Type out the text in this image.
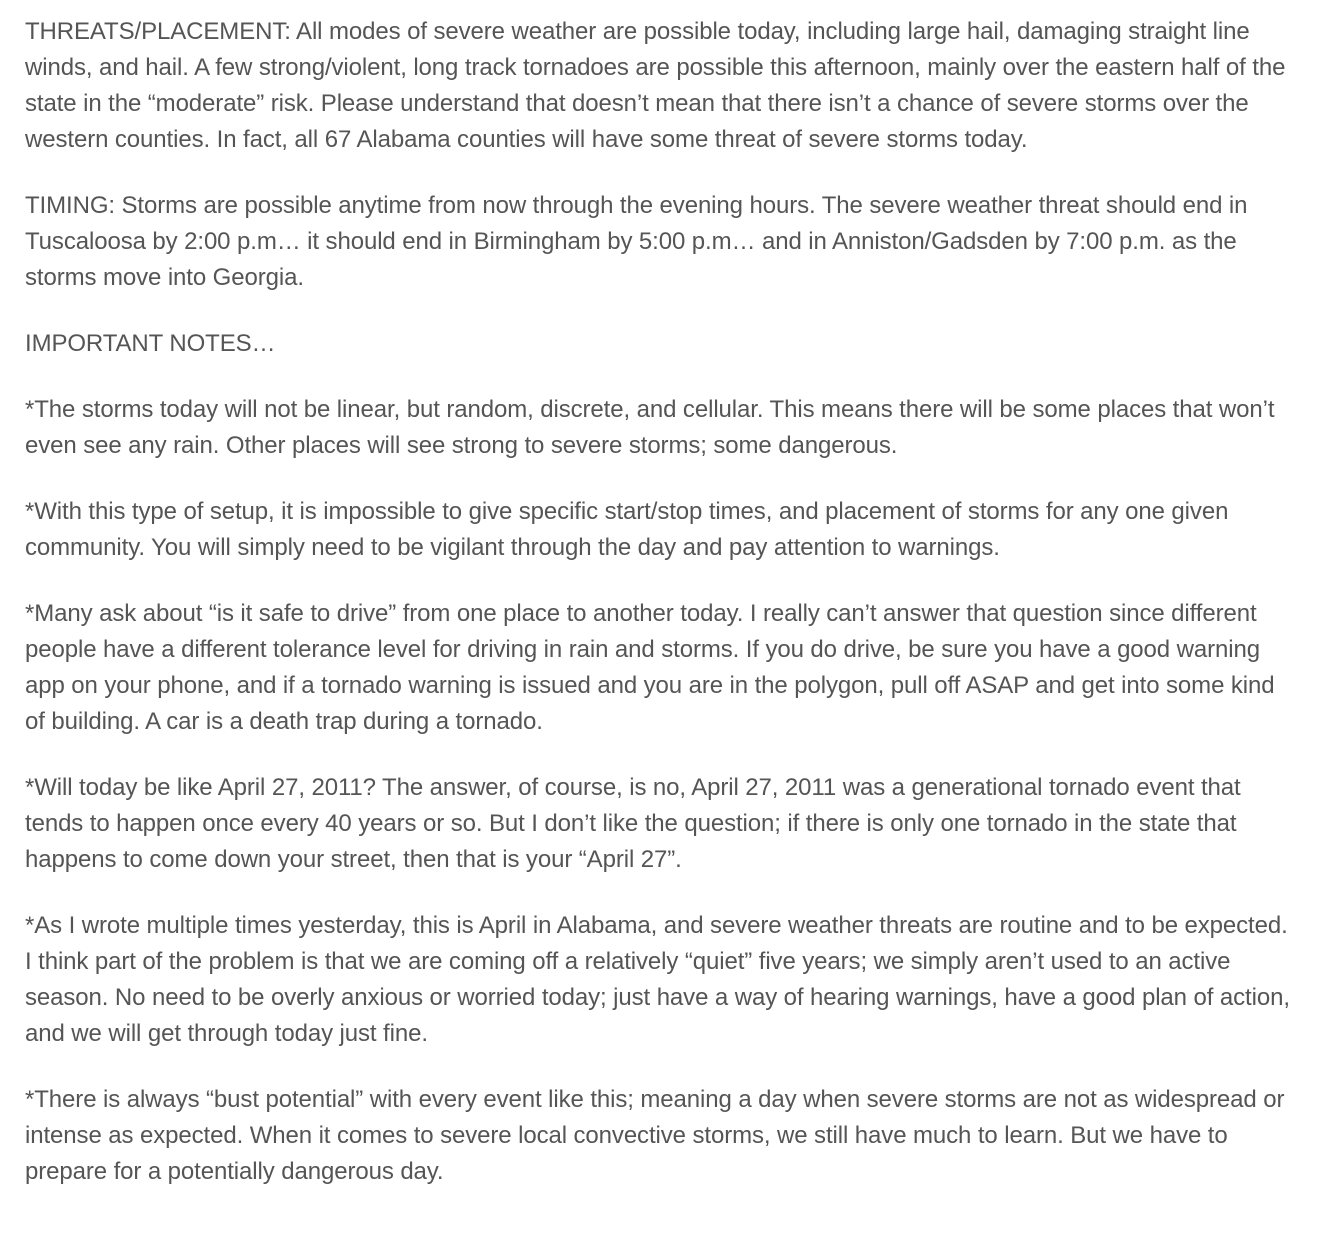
THREATS/PLACEMENT: All modes of severe weather are possible today, including large hail, damaging straight line winds, and hail. A few strong/violent, long track tornadoes are possible this afternoon, mainly over the eastern half of the state in the “moderate” risk. Please understand that doesn’t mean that there isn’t a chance of severe storms over the western counties. In fact, all 67 Alabama counties will have some threat of severe storms today.

TIMING: Storms are possible anytime from now through the evening hours. The severe weather threat should end in Tuscaloosa by 2:00 p.m… it should end in Birmingham by 5:00 p.m… and in Anniston/Gadsden by 7:00 p.m. as the storms move into Georgia.

IMPORTANT NOTES…

*The storms today will not be linear, but random, discrete, and cellular. This means there will be some places that won’t even see any rain. Other places will see strong to severe storms; some dangerous.

*With this type of setup, it is impossible to give specific start/stop times, and placement of storms for any one given community. You will simply need to be vigilant through the day and pay attention to warnings.

*Many ask about “is it safe to drive” from one place to another today. I really can’t answer that question since different people have a different tolerance level for driving in rain and storms. If you do drive, be sure you have a good warning app on your phone, and if a tornado warning is issued and you are in the polygon, pull off ASAP and get into some kind of building. A car is a death trap during a tornado.

*Will today be like April 27, 2011? The answer, of course, is no, April 27, 2011 was a generational tornado event that tends to happen once every 40 years or so. But I don’t like the question; if there is only one tornado in the state that happens to come down your street, then that is your “April 27”.

*As I wrote multiple times yesterday, this is April in Alabama, and severe weather threats are routine and to be expected. I think part of the problem is that we are coming off a relatively “quiet” five years; we simply aren’t used to an active season. No need to be overly anxious or worried today; just have a way of hearing warnings, have a good plan of action, and we will get through today just fine.

*There is always “bust potential” with every event like this; meaning a day when severe storms are not as widespread or intense as expected. When it comes to severe local convective storms, we still have much to learn. But we have to prepare for a potentially dangerous day.
